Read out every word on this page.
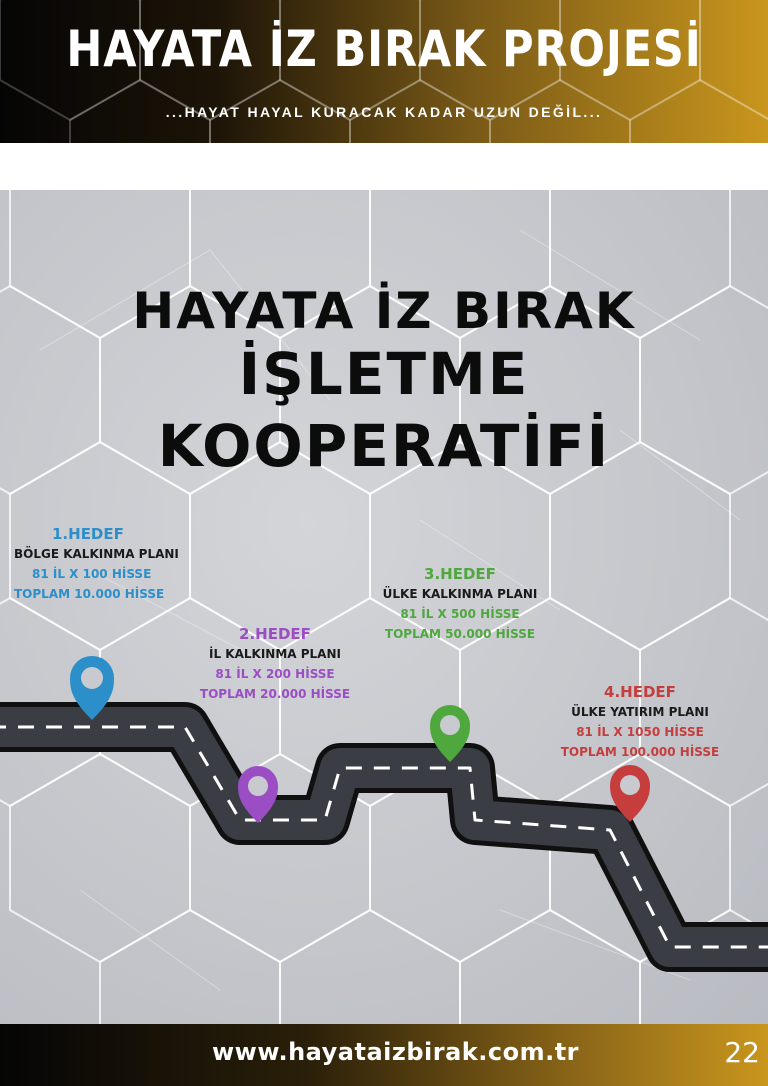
HAYATA İZ BIRAK PROJESİ
...HAYAT HAYAL KURACAK KADAR UZUN DEĞİL...
HAYATA İZ BIRAK
İŞLETME
KOOPERATİFİ
1.HEDEF
BÖLGE KALKINMA PLANI
81 İL X 100 HİSSE
TOPLAM 10.000 HİSSE
2.HEDEF
İL KALKINMA PLANI
81 İL X 200 HİSSE
TOPLAM 20.000 HİSSE
3.HEDEF
ÜLKE KALKINMA PLANI
81 İL X 500 HİSSE
TOPLAM 50.000 HİSSE
4.HEDEF
ÜLKE YATIRIM PLANI
81 İL X 1050 HİSSE
TOPLAM 100.000 HİSSE
www.hayataizbirak.com.tr	22
